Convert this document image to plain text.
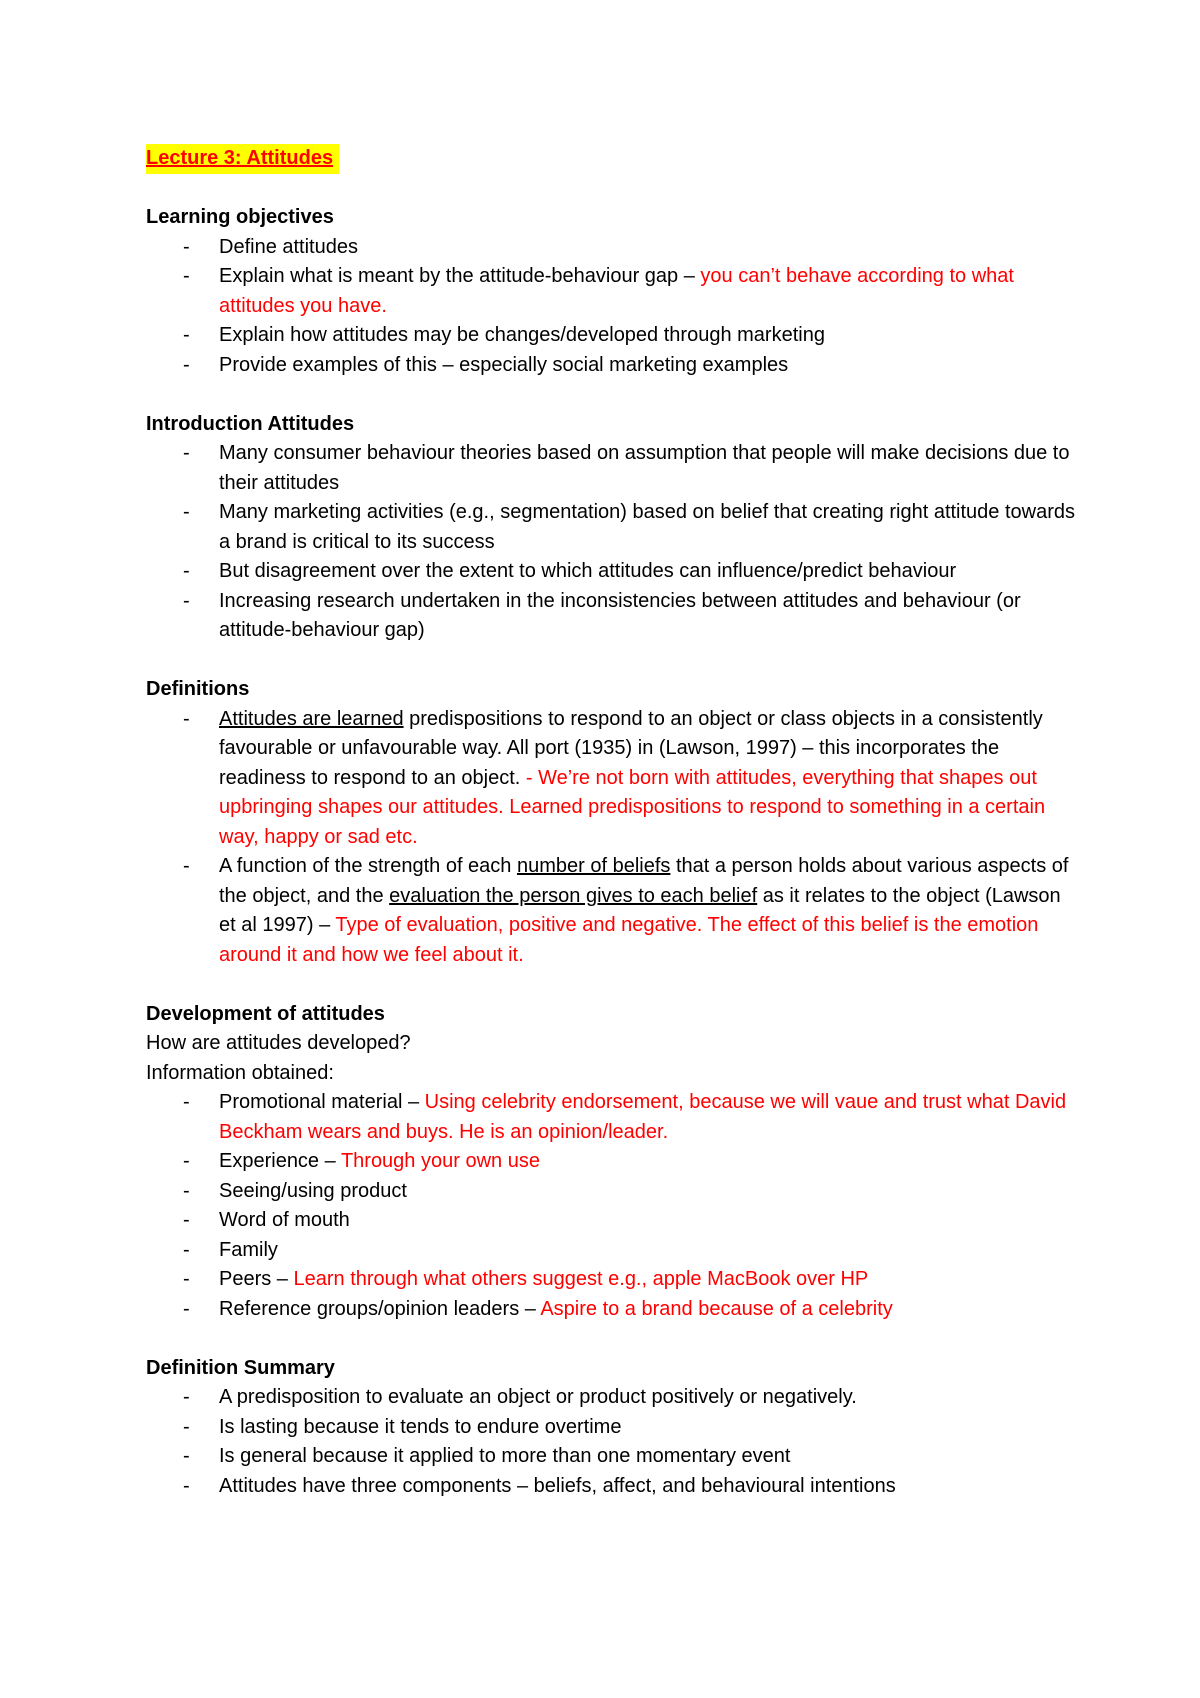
Lecture 3: Attitudes
Learning objectives
- Define attitudes
- Explain what is meant by the attitude-behaviour gap – you can’t behave according to what attitudes you have.
- Explain how attitudes may be changes/developed through marketing
- Provide examples of this – especially social marketing examples
Introduction Attitudes
- Many consumer behaviour theories based on assumption that people will make decisions due to their attitudes
- Many marketing activities (e.g., segmentation) based on belief that creating right attitude towards a brand is critical to its success
- But disagreement over the extent to which attitudes can influence/predict behaviour
- Increasing research undertaken in the inconsistencies between attitudes and behaviour (or attitude-behaviour gap)
Definitions
- Attitudes are learned predispositions to respond to an object or class objects in a consistently favourable or unfavourable way. All port (1935) in (Lawson, 1997) – this incorporates the readiness to respond to an object. - We’re not born with attitudes, everything that shapes out upbringing shapes our attitudes. Learned predispositions to respond to something in a certain way, happy or sad etc.
- A function of the strength of each number of beliefs that a person holds about various aspects of the object, and the evaluation the person gives to each belief as it relates to the object (Lawson et al 1997) – Type of evaluation, positive and negative. The effect of this belief is the emotion around it and how we feel about it.
Development of attitudes
How are attitudes developed?
Information obtained:
- Promotional material – Using celebrity endorsement, because we will vaue and trust what David Beckham wears and buys. He is an opinion/leader.
- Experience – Through your own use
- Seeing/using product
- Word of mouth
- Family
- Peers – Learn through what others suggest e.g., apple MacBook over HP
- Reference groups/opinion leaders – Aspire to a brand because of a celebrity
Definition Summary
- A predisposition to evaluate an object or product positively or negatively.
- Is lasting because it tends to endure overtime
- Is general because it applied to more than one momentary event
- Attitudes have three components – beliefs, affect, and behavioural intentions
